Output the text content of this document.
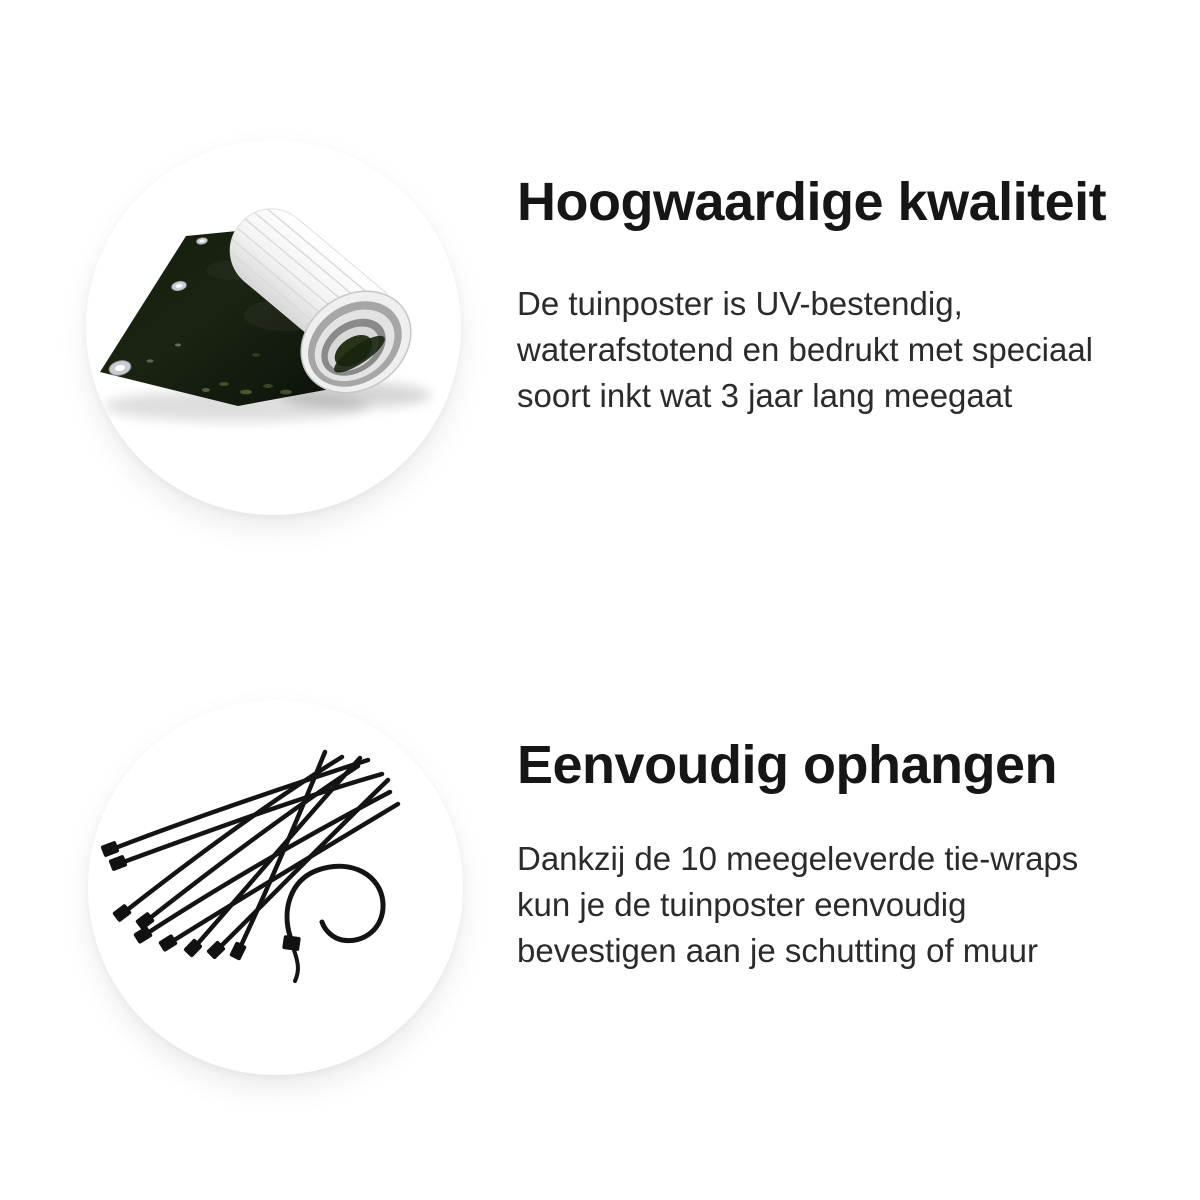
Hoogwaardige kwaliteit
De tuinposter is UV-bestendig,
waterafstotend en bedrukt met speciaal
soort inkt wat 3 jaar lang meegaat
Eenvoudig ophangen
Dankzij de 10 meegeleverde tie-wraps
kun je de tuinposter eenvoudig
bevestigen aan je schutting of muur
